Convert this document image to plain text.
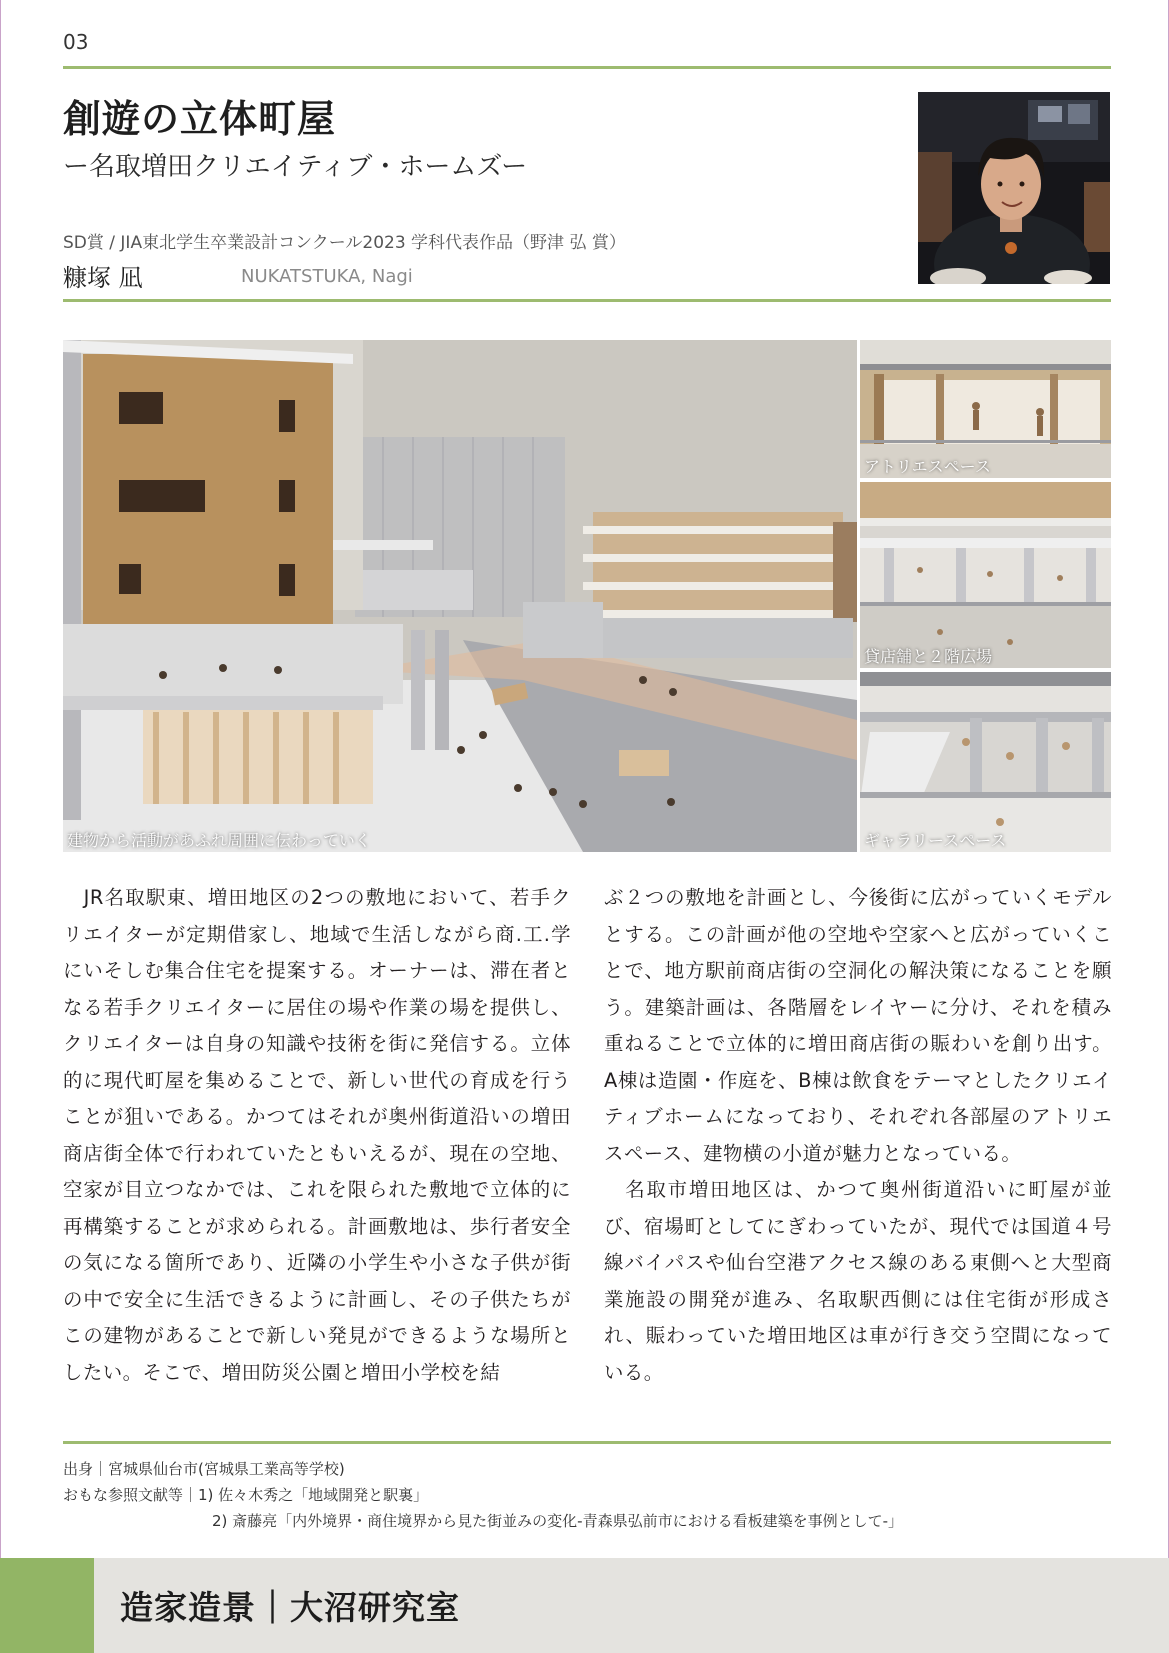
03
創遊の立体町屋
ー名取増田クリエイティブ・ホームズー
SD賞 / JIA東北学生卒業設計コンクール2023 学科代表作品（野津 弘 賞）
糠塚 凪	NUKATSTUKA, Nagi
建物から活動があふれ周囲に伝わっていく
アトリエスペース
貸店舗と２階広場
ギャラリースペース

　JR名取駅東、増田地区の2つの敷地において、若手クリエイターが定期借家し、地域で生活しながら商.工.学にいそしむ集合住宅を提案する。オーナーは、滞在者となる若手クリエイターに居住の場や作業の場を提供し、クリエイターは自身の知識や技術を街に発信する。立体的に現代町屋を集めることで、新しい世代の育成を行うことが狙いである。かつてはそれが奥州街道沿いの増田商店街全体で行われていたともいえるが、現在の空地、空家が目立つなかでは、これを限られた敷地で立体的に再構築することが求められる。計画敷地は、歩行者安全の気になる箇所であり、近隣の小学生や小さな子供が街の中で安全に生活できるように計画し、その子供たちがこの建物があることで新しい発見ができるような場所としたい。そこで、増田防災公園と増田小学校を結

ぶ２つの敷地を計画とし、今後街に広がっていくモデルとする。この計画が他の空地や空家へと広がっていくことで、地方駅前商店街の空洞化の解決策になることを願う。建築計画は、各階層をレイヤーに分け、それを積み重ねることで立体的に増田商店街の賑わいを創り出す。A棟は造園・作庭を、B棟は飲食をテーマとしたクリエイティブホームになっており、それぞれ各部屋のアトリエスペース、建物横の小道が魅力となっている。

　名取市増田地区は、かつて奥州街道沿いに町屋が並び、宿場町としてにぎわっていたが、現代では国道４号線バイパスや仙台空港アクセス線のある東側へと大型商業施設の開発が進み、名取駅西側には住宅街が形成され、賑わっていた増田地区は車が行き交う空間になっている。

出身｜宮城県仙台市(宮城県工業高等学校)
おもな参照文献等｜1) 佐々木秀之「地域開発と駅裏」
2) 斎藤亮「内外境界・商住境界から見た街並みの変化-青森県弘前市における看板建築を事例として-」
造家造景｜大沼研究室
